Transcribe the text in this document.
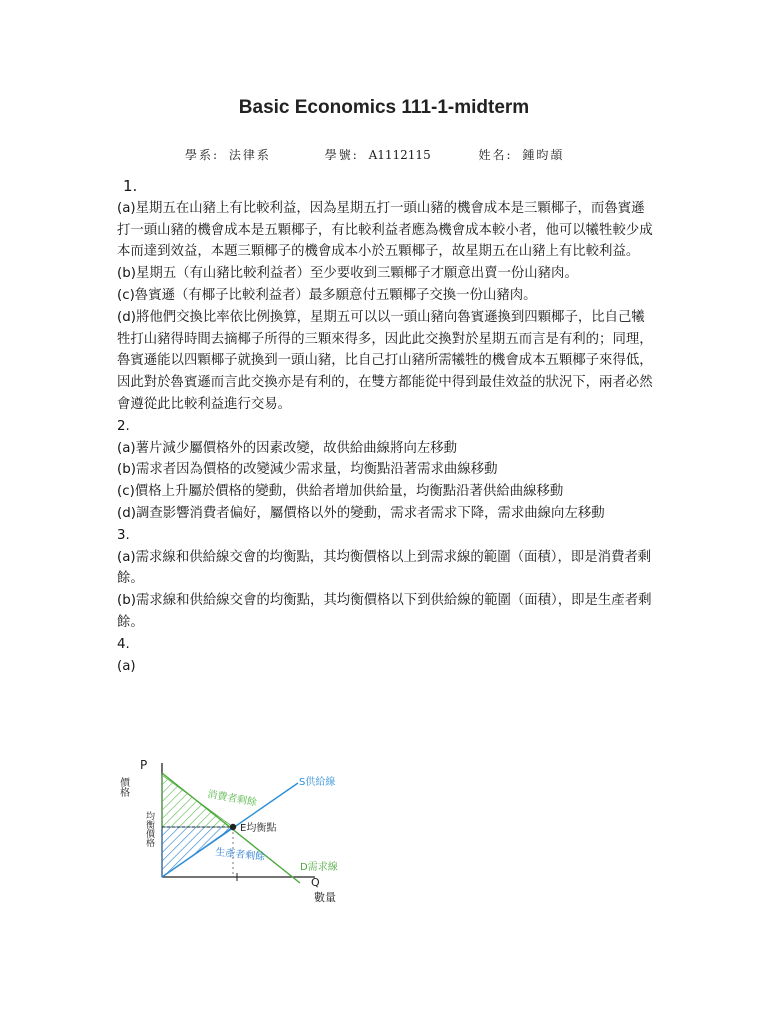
Basic Economics 111-1-midterm
學系: 法律系	學號: A1112115	姓名: 鍾昀頡

1.

(a)星期五在山豬上有比較利益，因為星期五打一頭山豬的機會成本是三顆椰子，而魯賓遜打一頭山豬的機會成本是五顆椰子，有比較利益者應為機會成本較小者，他可以犧牲較少成本而達到效益，本題三顆椰子的機會成本小於五顆椰子，故星期五在山豬上有比較利益。

(b)星期五（有山豬比較利益者）至少要收到三顆椰子才願意出賣一份山豬肉。

(c)魯賓遜（有椰子比較利益者）最多願意付五顆椰子交換一份山豬肉。

(d)將他們交換比率依比例換算，星期五可以以一頭山豬向魯賓遜換到四顆椰子，比自己犧牲打山豬得時間去摘椰子所得的三顆來得多，因此此交換對於星期五而言是有利的；同理，魯賓遜能以四顆椰子就換到一頭山豬，比自己打山豬所需犧牲的機會成本五顆椰子來得低，因此對於魯賓遜而言此交換亦是有利的，在雙方都能從中得到最佳效益的狀況下，兩者必然會遵從此比較利益進行交易。

2.

(a)薯片減少屬價格外的因素改變，故供給曲線將向左移動

(b)需求者因為價格的改變減少需求量，均衡點沿著需求曲線移動

(c)價格上升屬於價格的變動，供給者增加供給量，均衡點沿著供給曲線移動

(d)調查影響消費者偏好，屬價格以外的變動，需求者需求下降，需求曲線向左移動

3.

(a)需求線和供給線交會的均衡點，其均衡價格以上到需求線的範圍（面積），即是消費者剩餘。

(b)需求線和供給線交會的均衡點，其均衡價格以下到供給線的範圍（面積），即是生產者剩餘。

4.

(a)

P
價格
均衡價格
Q
數量
消費者剩餘
生產者剩餘
S供給線
D需求線
E均衡點
